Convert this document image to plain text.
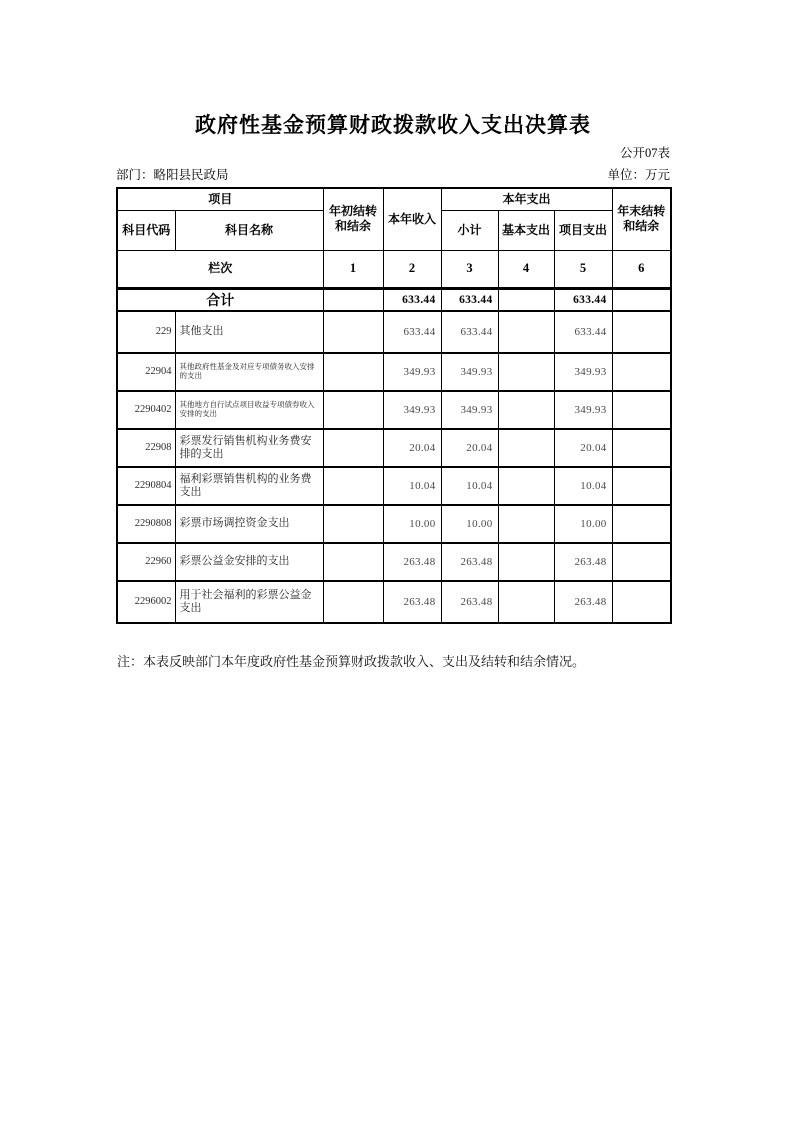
政府性基金预算财政拨款收入支出决算表
公开07表
部门：略阳县民政局	单位：万元
项目		年初结转和结余	本年收入	本年支出			年末结转和结余
科目代码	科目名称			小计	基本支出	项目支出	
栏次		1	2	3	4	5	6
合计			633.44	633.44		633.44	
229	其他支出		633.44	633.44		633.44	
22904	其他政府性基金及对应专项债务收入安排的支出		349.93	349.93		349.93	
2290402	其他地方自行试点项目收益专项债券收入安排的支出		349.93	349.93		349.93	
22908	彩票发行销售机构业务费安排的支出		20.04	20.04		20.04	
2290804	福利彩票销售机构的业务费支出		10.04	10.04		10.04	
2290808	彩票市场调控资金支出		10.00	10.00		10.00	
22960	彩票公益金安排的支出		263.48	263.48		263.48	
2296002	用于社会福利的彩票公益金支出		263.48	263.48		263.48	
注：本表反映部门本年度政府性基金预算财政拨款收入、支出及结转和结余情况。
